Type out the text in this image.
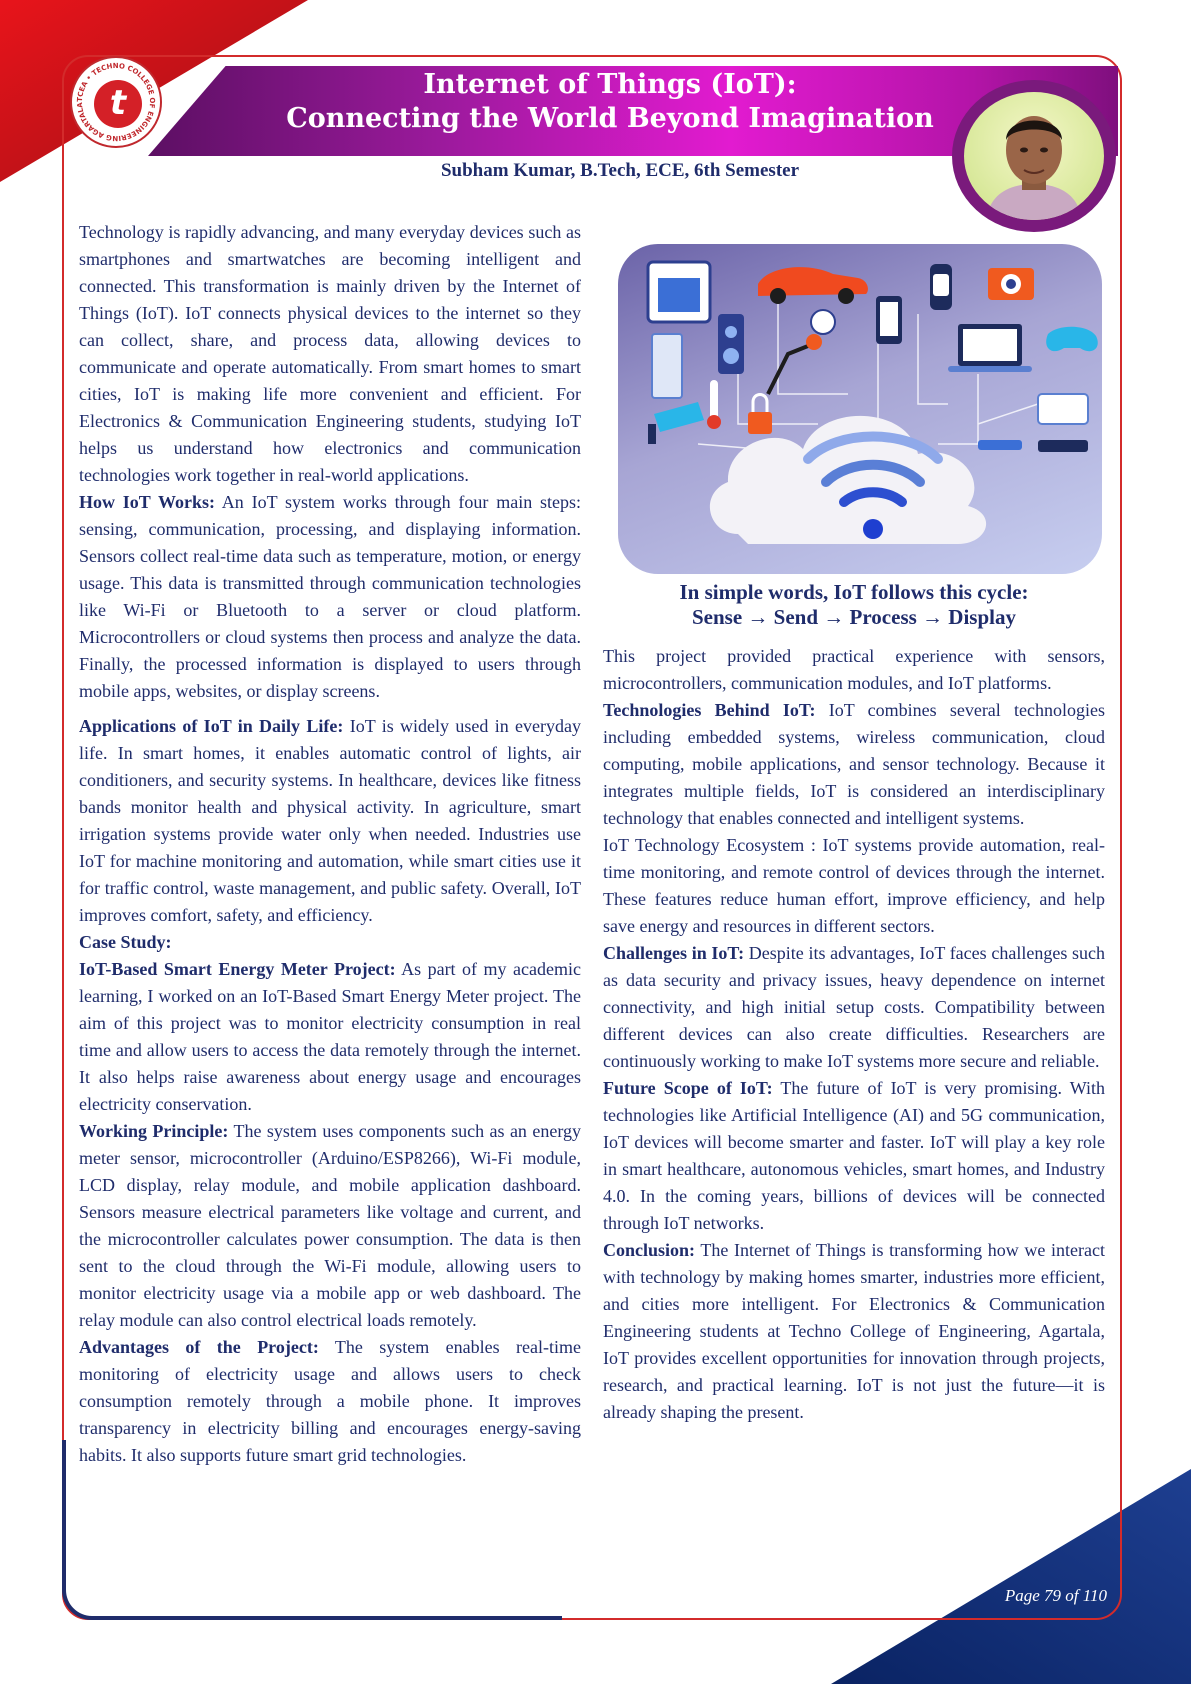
Internet of Things (IoT):
Connecting the World Beyond Imagination
TCEA • TECHNO COLLEGE OF ENGINEERING AGARTALA t
Subham Kumar, B.Tech, ECE, 6th Semester

Technology is rapidly advancing, and many everyday devices such as smartphones and smartwatches are becoming intelligent and connected. This transformation is mainly driven by the Internet of Things (IoT). IoT connects physical devices to the internet so they can collect, share, and process data, allowing devices to communicate and operate automatically. From smart homes to smart cities, IoT is making life more convenient and efficient. For Electronics & Communication Engineering students, studying IoT helps us understand how electronics and communication technologies work together in real-world applications.

How IoT Works: An IoT system works through four main steps: sensing, communication, processing, and displaying information. Sensors collect real-time data such as temperature, motion, or energy usage. This data is transmitted through communication technologies like Wi-Fi or Bluetooth to a server or cloud platform. Microcontrollers or cloud systems then process and analyze the data. Finally, the processed information is displayed to users through mobile apps, websites, or display screens.

Applications of IoT in Daily Life: IoT is widely used in everyday life. In smart homes, it enables automatic control of lights, air conditioners, and security systems. In healthcare, devices like fitness bands monitor health and physical activity. In agriculture, smart irrigation systems provide water only when needed. Industries use IoT for machine monitoring and automation, while smart cities use it for traffic control, waste management, and public safety. Overall, IoT improves comfort, safety, and efficiency.

Case Study:

IoT-Based Smart Energy Meter Project: As part of my academic learning, I worked on an IoT-Based Smart Energy Meter project. The aim of this project was to monitor electricity consumption in real time and allow users to access the data remotely through the internet. It also helps raise awareness about energy usage and encourages electricity conservation.

Working Principle: The system uses components such as an energy meter sensor, microcontroller (Arduino/ESP8266), Wi-Fi module, LCD display, relay module, and mobile application dashboard. Sensors measure electrical parameters like voltage and current, and the microcontroller calculates power consumption. The data is then sent to the cloud through the Wi-Fi module, allowing users to monitor electricity usage via a mobile app or web dashboard. The relay module can also control electrical loads remotely.

Advantages of the Project: The system enables real-time monitoring of electricity usage and allows users to check consumption remotely through a mobile phone. It improves transparency in electricity billing and encourages energy-saving habits. It also supports future smart grid technologies.

In simple words, IoT follows this cycle:
Sense → Send → Process → Display

This project provided practical experience with sensors, microcontrollers, communication modules, and IoT platforms.

Technologies Behind IoT: IoT combines several technologies including embedded systems, wireless communication, cloud computing, mobile applications, and sensor technology. Because it integrates multiple fields, IoT is considered an interdisciplinary technology that enables connected and intelligent systems.

IoT Technology Ecosystem : IoT systems provide automation, real-time monitoring, and remote control of devices through the internet. These features reduce human effort, improve efficiency, and help save energy and resources in different sectors.

Challenges in IoT: Despite its advantages, IoT faces challenges such as data security and privacy issues, heavy dependence on internet connectivity, and high initial setup costs. Compatibility between different devices can also create difficulties. Researchers are continuously working to make IoT systems more secure and reliable.

Future Scope of IoT: The future of IoT is very promising. With technologies like Artificial Intelligence (AI) and 5G communication, IoT devices will become smarter and faster. IoT will play a key role in smart healthcare, autonomous vehicles, smart homes, and Industry 4.0. In the coming years, billions of devices will be connected through IoT networks.

Conclusion: The Internet of Things is transforming how we interact with technology by making homes smarter, industries more efficient, and cities more intelligent. For Electronics & Communication Engineering students at Techno College of Engineering, Agartala, IoT provides excellent opportunities for innovation through projects, research, and practical learning. IoT is not just the future—it is already shaping the present.

Page 79 of 110
